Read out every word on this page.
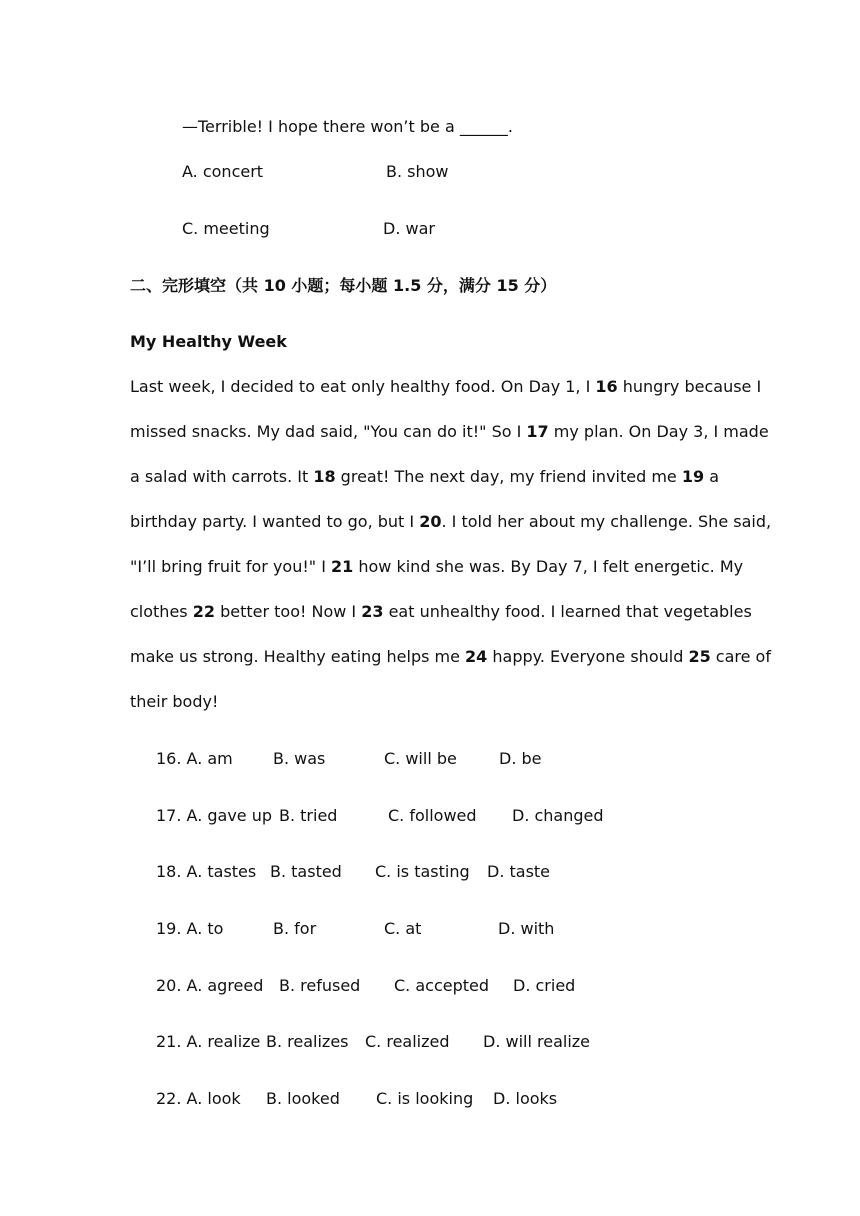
—Terrible! I hope there won’t be a ______.
A. concert	B. show
C. meeting	D. war
二、完形填空（共 10 小题；每小题 1.5 分，满分 15 分）
My Healthy Week
Last week, I decided to eat only healthy food. On Day 1, I 16 hungry because I
missed snacks. My dad said, "You can do it!" So I 17 my plan. On Day 3, I made
a salad with carrots. It 18 great! The next day, my friend invited me 19 a
birthday party. I wanted to go, but I 20. I told her about my challenge. She said,
"I’ll bring fruit for you!" I 21 how kind she was. By Day 7, I felt energetic. My
clothes 22 better too! Now I 23 eat unhealthy food. I learned that vegetables
make us strong. Healthy eating helps me 24 happy. Everyone should 25 care of
their body!
16. A. am	B. was	C. will be	D. be
17. A. gave up B. tried	C. followed D. changed
18. A. tastes B. tasted C. is tasting D. taste
19. A. to	B. for	C. at	D. with
20. A. agreed B. refused C. accepted D. cried
21. A. realize B. realizes C. realized D. will realize
22. A. look B. looked C. is looking D. looks
